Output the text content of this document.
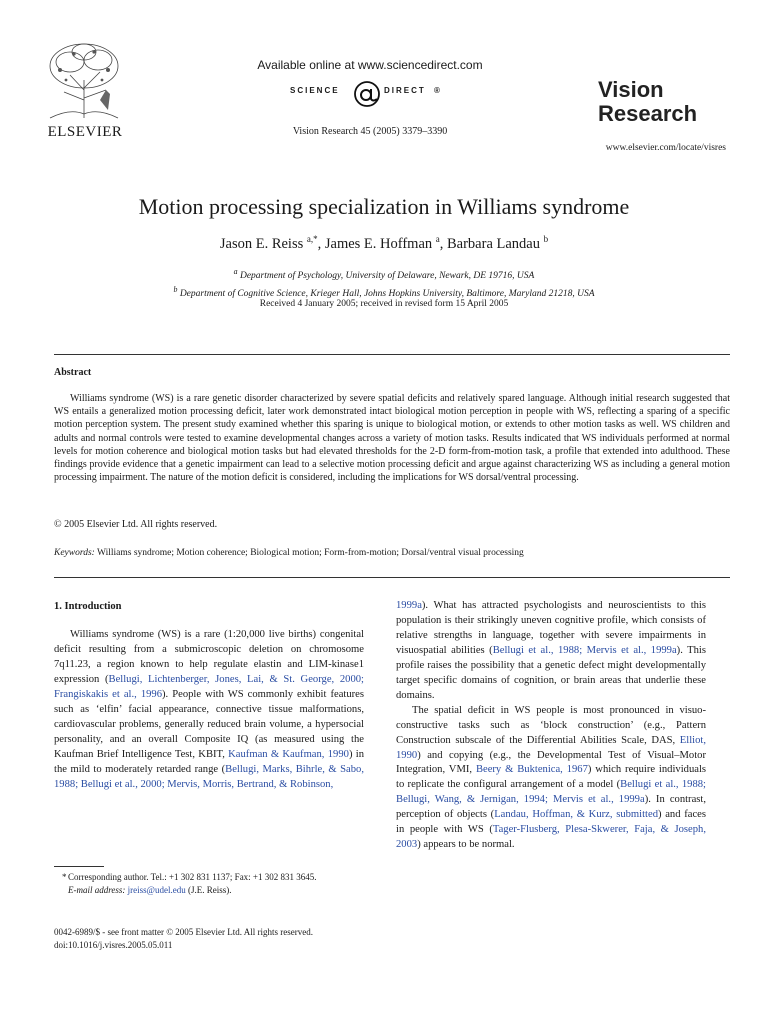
ELSEVIER
Available online at www.sciencedirect.com
SCIENCE	DIRECT ®
Vision Research 45 (2005) 3379–3390
Vision
Research
www.elsevier.com/locate/visres
Motion processing specialization in Williams syndrome
Jason E. Reiss $^{a,*}$, James E. Hoffman $^a$, Barbara Landau $^b$
$^a$ Department of Psychology, University of Delaware, Newark, DE 19716, USA
$^b$ Department of Cognitive Science, Krieger Hall, Johns Hopkins University, Baltimore, Maryland 21218, USA
Received 4 January 2005; received in revised form 15 April 2005
Abstract

Williams syndrome (WS) is a rare genetic disorder characterized by severe spatial deficits and relatively spared language. Although initial research suggested that WS entails a generalized motion processing deficit, later work demonstrated intact biological motion perception in people with WS, reflecting a sparing of a specific motion perception system. The present study examined whether this sparing is unique to biological motion, or extends to other motion tasks as well. WS children and adults and normal controls were tested to examine developmental changes across a variety of motion tasks. Results indicated that WS individuals performed at normal levels for motion coherence and biological motion tasks but had elevated thresholds for the 2-D form-from-motion task, a profile that extended into adulthood. These findings provide evidence that a genetic impairment can lead to a selective motion processing deficit and argue against characterizing WS as including a general motion processing impairment. The nature of the motion deficit is considered, including the implications for WS dorsal/ventral processing.

© 2005 Elsevier Ltd. All rights reserved.
Keywords: Williams syndrome; Motion coherence; Biological motion; Form-from-motion; Dorsal/ventral visual processing
1. Introduction

Williams syndrome (WS) is a rare (1:20,000 live births) congenital deficit resulting from a submicroscopic deletion on chromosome 7q11.23, a region known to help regulate elastin and LIM-kinase1 expression (Bellugi, Lichtenberger, Jones, Lai, & St. George, 2000; Frangiskakis et al., 1996). People with WS commonly exhibit features such as ‘elfin’ facial appearance, connective tissue malformations, cardiovascular problems, generally reduced brain volume, a hypersocial personality, and an overall Composite IQ (as measured using the Kaufman Brief Intelligence Test, KBIT, Kaufman & Kaufman, 1990) in the mild to moderately retarded range (Bellugi, Marks, Bihrle, & Sabo, 1988; Bellugi et al., 2000; Mervis, Morris, Bertrand, & Robinson,

* Corresponding author. Tel.: +1 302 831 1137; Fax: +1 302 831 3645.
E-mail address: jreiss@udel.edu (J.E. Reiss).

0042-6989/$ - see front matter © 2005 Elsevier Ltd. All rights reserved.
doi:10.1016/j.visres.2005.05.011

1999a). What has attracted psychologists and neuroscientists to this population is their strikingly uneven cognitive profile, which consists of relative strengths in language, together with severe impairments in visuospatial abilities (Bellugi et al., 1988; Mervis et al., 1999a). This profile raises the possibility that a genetic defect might developmentally target specific domains of cognition, or brain areas that underlie these domains.

The spatial deficit in WS people is most pronounced in visuo-constructive tasks such as ‘block construction’ (e.g., Pattern Construction subscale of the Differential Abilities Scale, DAS, Elliot, 1990) and copying (e.g., the Developmental Test of Visual–Motor Integration, VMI, Beery & Buktenica, 1967) which require individuals to replicate the configural arrangement of a model (Bellugi et al., 1988; Bellugi, Wang, & Jernigan, 1994; Mervis et al., 1999a). In contrast, perception of objects (Landau, Hoffman, & Kurz, submitted) and faces in people with WS (Tager-Flusberg, Plesa-Skwerer, Faja, & Joseph, 2003) appears to be normal.
